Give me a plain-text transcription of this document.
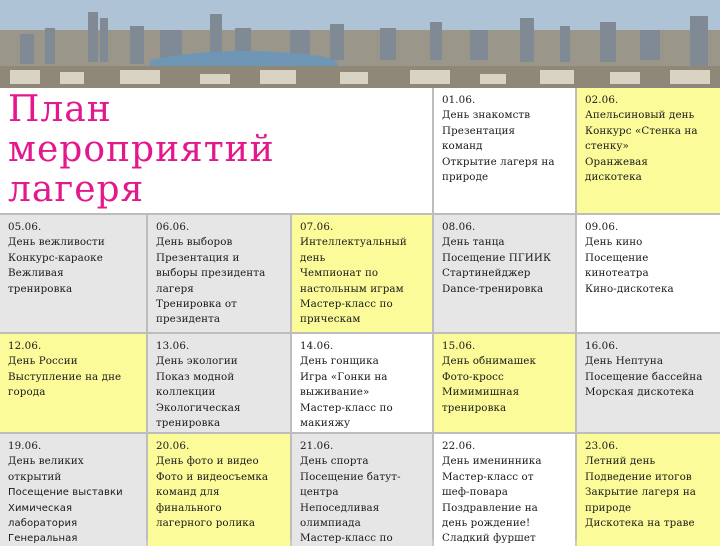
План
мероприятий
лагеря
01.06.
День знакомств
Презентация
команд
Открытие лагеря на
природе
02.06.
Апельсиновый день
Конкурс «Стенка на
стенку»
Оранжевая
дискотека
05.06.
День вежливости
Конкурс-караоке
Вежливая
тренировка
06.06.
День выборов
Презентация и
выборы президента
лагеря
Тренировка от
президента
07.06.
Интеллектуальный
день
Чемпионат по
настольным играм
Мастер-класс по
прическам
08.06.
День танца
Посещение ПГИИК
Стартинейджер
Dance-тренировка
09.06.
День кино
Посещение
кинотеатра
Кино-дискотека
12.06.
День России
Выступление на дне
города
13.06.
День экологии
Показ модной
коллекции
Экологическая
тренировка
14.06.
День гонщика
Игра «Гонки на
выживание»
Мастер-класс по
макияжу
15.06.
День обнимашек
Фото-кросс
Мимимишная
тренировка
16.06.
День Нептуна
Посещение бассейна
Морская дискотека
19.06.
День великих
открытий
Посещение выставки
Химическая
лаборатория
Генеральная
20.06.
День фото и видео
Фото и видеосъемка
команд для
финального
лагерного ролика
21.06.
День спорта
Посещение батут-
центра
Непоседливая
олимпиада
Мастер-класс по
22.06.
День именинника
Мастер-класс от
шеф-повара
Поздравление на
день рождение!
Сладкий фуршет
23.06.
Летний день
Подведение итогов
Закрытие лагеря на
природе
Дискотека на траве
